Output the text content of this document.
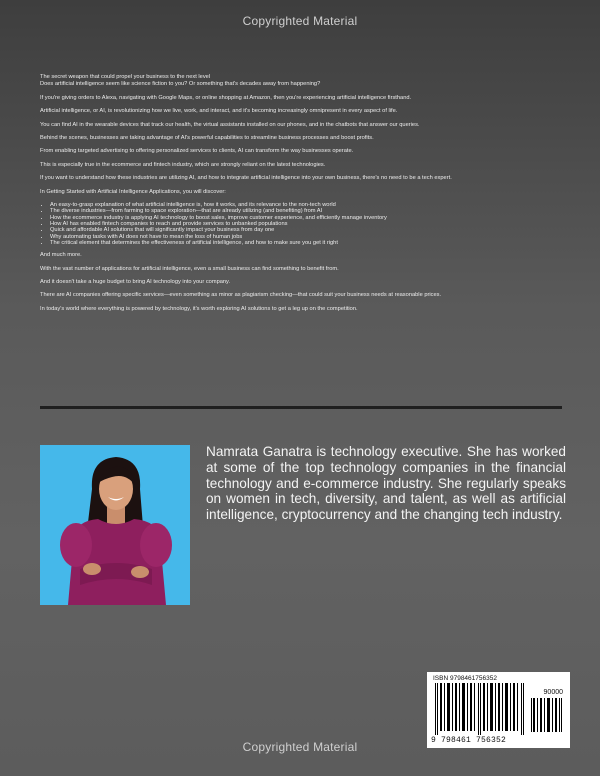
Copyrighted Material

The secret weapon that could propel your business to the next level
Does artificial intelligence seem like science fiction to you? Or something that's decades away from happening?

If you're giving orders to Alexa, navigating with Google Maps, or online shopping at Amazon, then you're experiencing artificial intelligence firsthand.

Artificial intelligence, or AI, is revolutionizing how we live, work, and interact, and it's becoming increasingly omnipresent in every aspect of life.

You can find AI in the wearable devices that track our health, the virtual assistants installed on our phones, and in the chatbots that answer our queries.

Behind the scenes, businesses are taking advantage of AI's powerful capabilities to streamline business processes and boost profits.

From enabling targeted advertising to offering personalized services to clients, AI can transform the way businesses operate.

This is especially true in the ecommerce and fintech industry, which are strongly reliant on the latest technologies.

If you want to understand how these industries are utilizing AI, and how to integrate artificial intelligence into your own business, there's no need to be a tech expert.

In Getting Started with Artificial Intelligence Applications, you will discover:

• An easy-to-grasp explanation of what artificial intelligence is, how it works, and its relevance to the non-tech world
• The diverse industries—from farming to space exploration—that are already utilizing (and benefiting) from AI
• How the ecommerce industry is applying AI technology to boost sales, improve customer experience, and efficiently manage inventory
• How AI has enabled fintech companies to reach and provide services to unbanked populations
• Quick and affordable AI solutions that will significantly impact your business from day one
• Why automating tasks with AI does not have to mean the loss of human jobs
• The critical element that determines the effectiveness of artificial intelligence, and how to make sure you get it right

And much more.

With the vast number of applications for artificial intelligence, even a small business can find something to benefit from.

And it doesn't take a huge budget to bring AI technology into your company.

There are AI companies offering specific services—even something as minor as plagiarism checking—that could suit your business needs at reasonable prices.

In today's world where everything is powered by technology, it's worth exploring AI solutions to get a leg up on the competition.

Namrata Ganatra is technology executive. She has worked at some of the top technology companies in the financial technology and e-commerce industry. She regularly speaks on women in tech, diversity, and talent, as well as artificial intelligence, cryptocurrency and the changing tech industry.
ISBN 9798461756352
90000
9 798461 756352
Copyrighted Material
